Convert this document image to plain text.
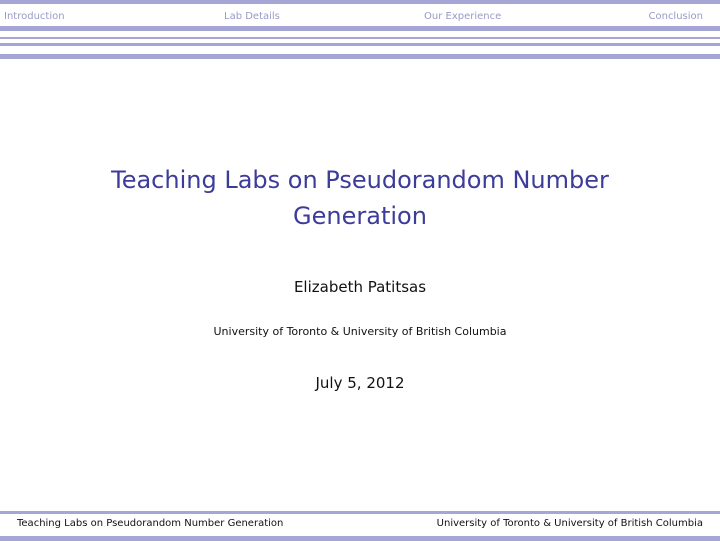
Introduction	Lab Details	Our Experience	Conclusion
Teaching Labs on Pseudorandom Number
Generation
Elizabeth Patitsas
University of Toronto & University of British Columbia
July 5, 2012
Teaching Labs on Pseudorandom Number Generation	University of Toronto & University of British Columbia
